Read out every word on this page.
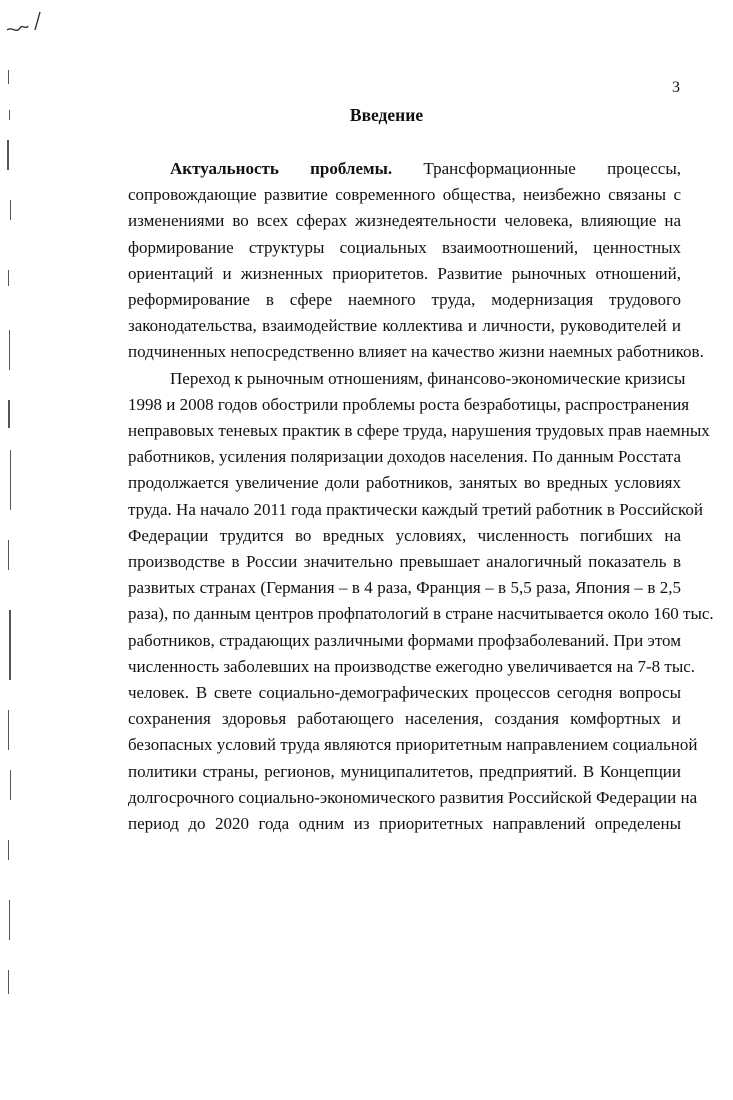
3
Введение
Актуальность проблемы. Трансформационные процессы,
сопровождающие развитие современного общества, неизбежно связаны с
изменениями во всех сферах жизнедеятельности человека, влияющие на
формирование структуры социальных взаимоотношений, ценностных
ориентаций и жизненных приоритетов. Развитие рыночных отношений,
реформирование в сфере наемного труда, модернизация трудового
законодательства, взаимодействие коллектива и личности, руководителей и
подчиненных непосредственно влияет на качество жизни наемных работников.
Переход к рыночным отношениям, финансово-экономические кризисы
1998 и 2008 годов обострили проблемы роста безработицы, распространения
неправовых теневых практик в сфере труда, нарушения трудовых прав наемных
работников, усиления поляризации доходов населения. По данным Росстата
продолжается увеличение доли работников, занятых во вредных условиях
труда. На начало 2011 года практически каждый третий работник в Российской
Федерации трудится во вредных условиях, численность погибших на
производстве в России значительно превышает аналогичный показатель в
развитых странах (Германия – в 4 раза, Франция – в 5,5 раза, Япония – в 2,5
раза), по данным центров профпатологий в стране насчитывается около 160 тыс.
работников, страдающих различными формами профзаболеваний. При этом
численность заболевших на производстве ежегодно увеличивается на 7-8 тыс.
человек. В свете социально-демографических процессов сегодня вопросы
сохранения здоровья работающего населения, создания комфортных и
безопасных условий труда являются приоритетным направлением социальной
политики страны, регионов, муниципалитетов, предприятий. В Концепции
долгосрочного социально-экономического развития Российской Федерации на
период до 2020 года одним из приоритетных направлений определены
